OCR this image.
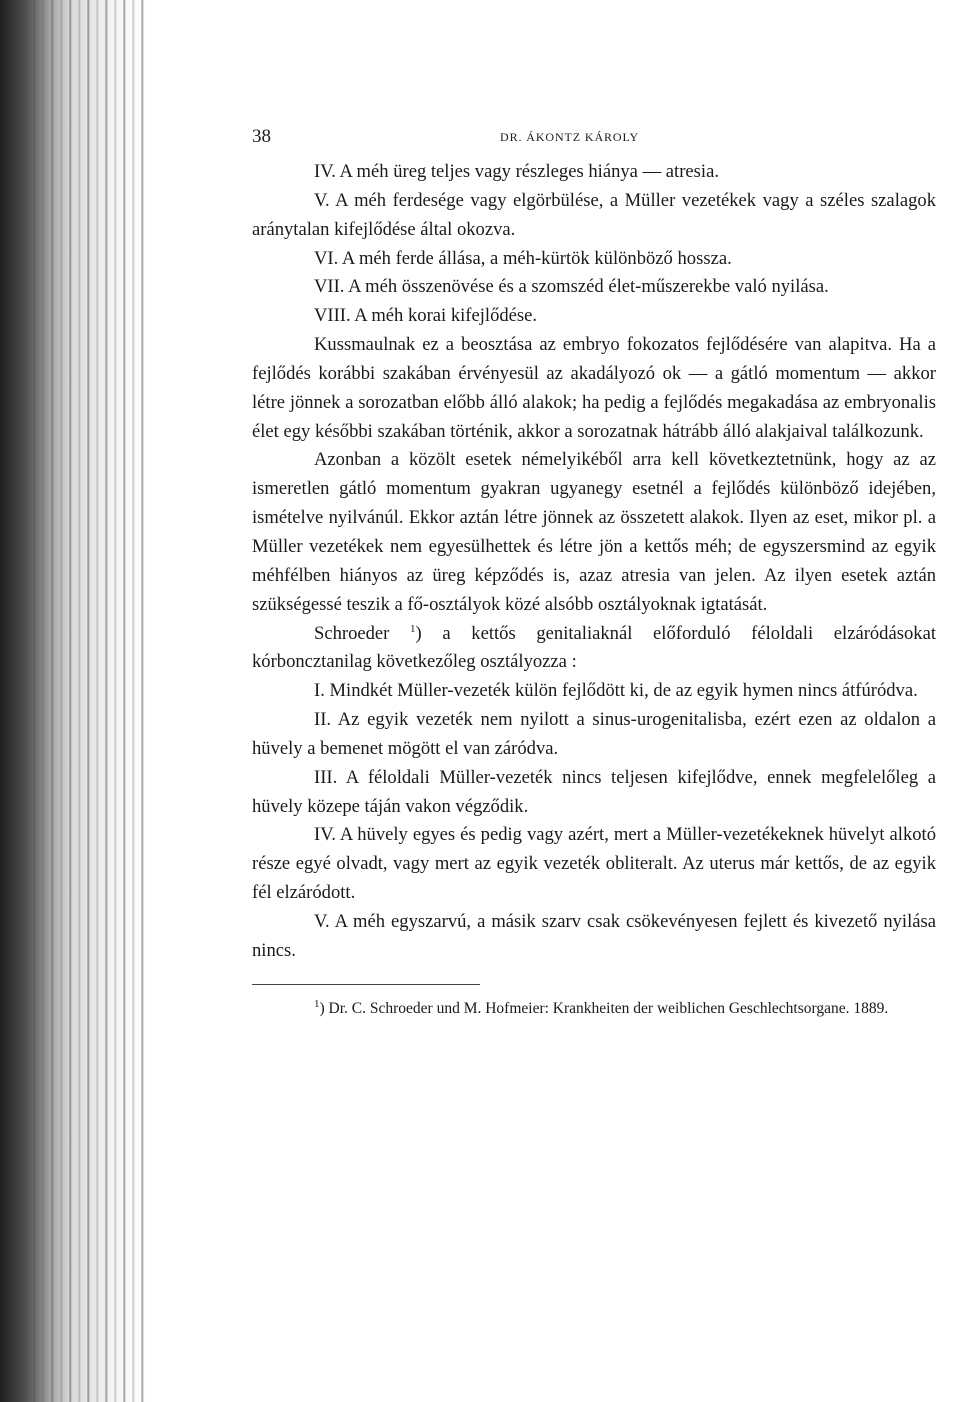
38	DR. ÁKONTZ KÁROLY

IV. A méh üreg teljes vagy részleges hiánya — atresia.

V. A méh ferdesége vagy elgörbülése, a Müller vezetékek vagy a széles szalagok aránytalan kifejlődése által okozva.

VI. A méh ferde állása, a méh-kürtök különböző hossza.

VII. A méh összenövése és a szomszéd élet-műszerekbe való nyilása.

VIII. A méh korai kifejlődése.

Kussmaulnak ez a beosztása az embryo fokozatos fejlődésére van alapitva. Ha a fejlődés korábbi szakában érvényesül az akadályozó ok — a gátló momentum — akkor létre jönnek a sorozatban előbb álló alakok; ha pedig a fejlődés megakadása az embryonalis élet egy későbbi szakában történik, akkor a sorozatnak hátrább álló alakjaival találkozunk.

Azonban a közölt esetek némelyikéből arra kell következtetnünk, hogy az az ismeretlen gátló momentum gyakran ugyanegy esetnél a fejlődés különböző idejében, ismételve nyilvánúl. Ekkor aztán létre jönnek az összetett alakok. Ilyen az eset, mikor pl. a Müller vezetékek nem egyesülhettek és létre jön a kettős méh; de egyszersmind az egyik méhfélben hiányos az üreg képződés is, azaz atresia van jelen. Az ilyen esetek aztán szükségessé teszik a fő-osztályok közé alsóbb osztályoknak igtatását.

Schroeder $^1$) a kettős genitaliaknál előforduló féloldali elzáródásokat kórboncztanilag következőleg osztályozza :

I. Mindkét Müller-vezeték külön fejlődött ki, de az egyik hymen nincs átfúródva.

II. Az egyik vezeték nem nyilott a sinus-urogenitalisba, ezért ezen az oldalon a hüvely a bemenet mögött el van záródva.

III. A féloldali Müller-vezeték nincs teljesen kifejlődve, ennek megfelelőleg a hüvely közepe táján vakon végződik.

IV. A hüvely egyes és pedig vagy azért, mert a Müller-vezetékeknek hüvelyt alkotó része egyé olvadt, vagy mert az egyik vezeték obliteralt. Az uterus már kettős, de az egyik fél elzáródott.

V. A méh egyszarvú, a másik szarv csak csökevényesen fejlett és kivezető nyilása nincs.

$^1$) Dr. C. Schroeder und M. Hofmeier: Krankheiten der weiblichen Geschlechtsorgane. 1889.
